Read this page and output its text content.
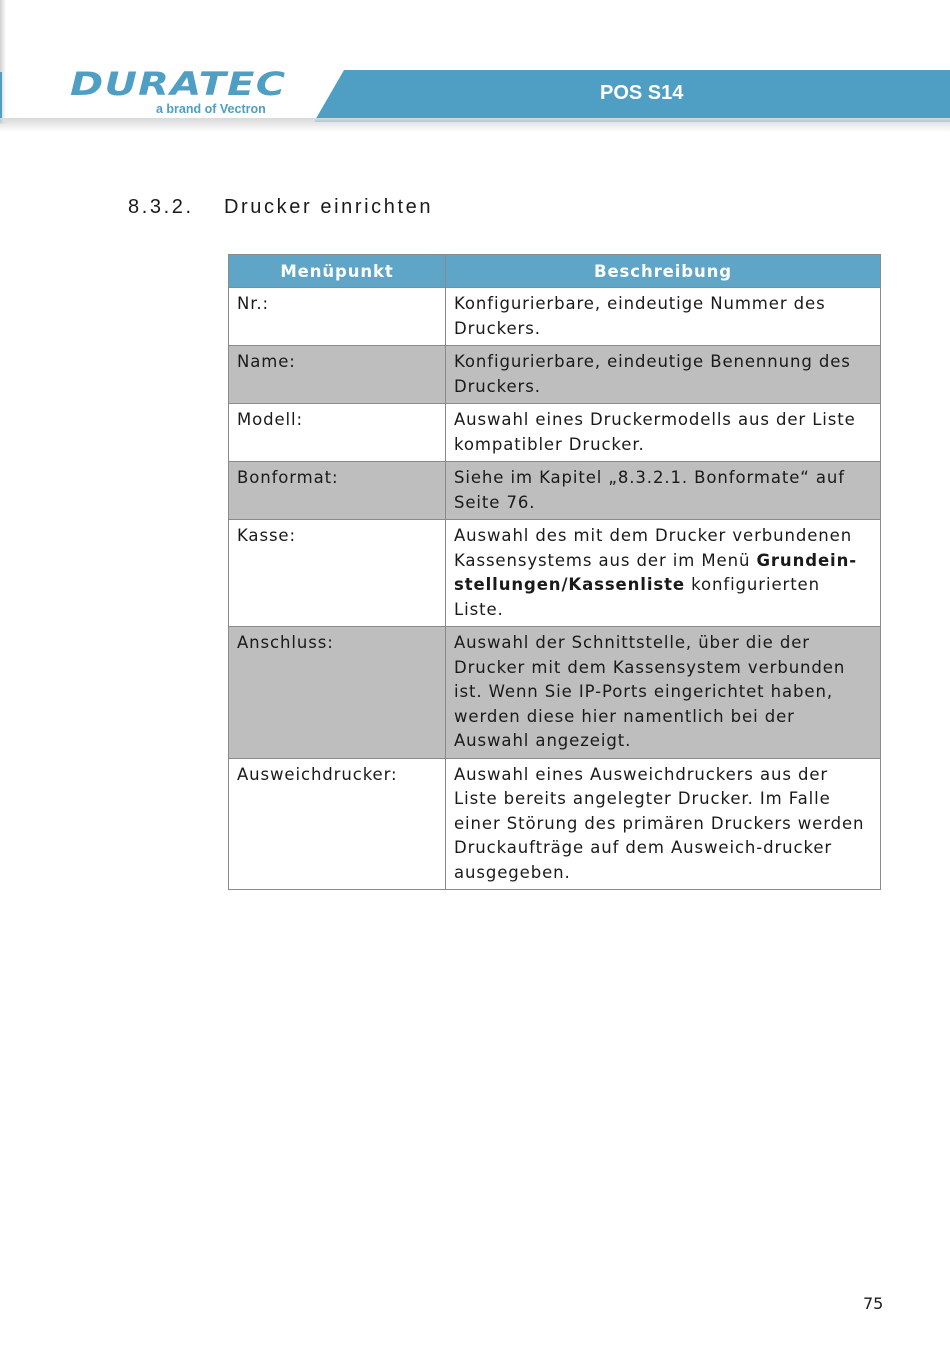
DURATEC
a brand of Vectron
POS S14
8.3.2. Drucker einrichten
Menüpunkt	Beschreibung
Nr.:	Konfigurierbare, eindeutige Nummer des Druckers.
Name:	Konfigurierbare, eindeutige Benennung des Druckers.
Modell:	Auswahl eines Druckermodells aus der Liste kompatibler Drucker.
Bonformat:	Siehe im Kapitel „8.3.2.1. Bonformate“ auf Seite 76.
Kasse:	Auswahl des mit dem Drucker verbundenen Kassensystems aus der im Menü Grundein-stellungen/Kassenliste konfigurierten Liste.
Anschluss:	Auswahl der Schnittstelle, über die der Drucker mit dem Kassensystem verbunden ist. Wenn Sie IP-Ports eingerichtet haben, werden diese hier namentlich bei der Auswahl angezeigt.
Ausweichdrucker:	Auswahl eines Ausweichdruckers aus der Liste bereits angelegter Drucker. Im Falle einer Störung des primären Druckers werden Druckaufträge auf dem Ausweich-drucker ausgegeben.
75
